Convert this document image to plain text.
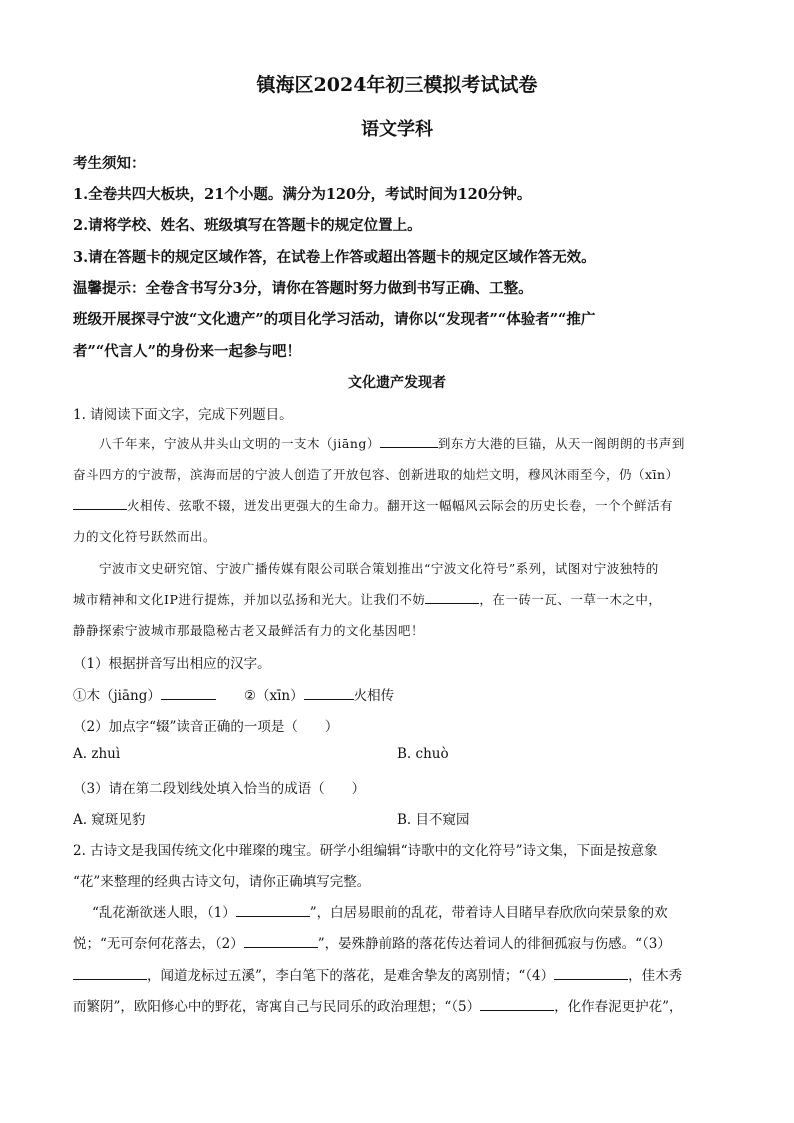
镇海区2024年初三模拟考试试卷
语文学科
考生须知：
1.全卷共四大板块，21个小题。满分为120分，考试时间为120分钟。
2.请将学校、姓名、班级填写在答题卡的规定位置上。
3.请在答题卡的规定区域作答，在试卷上作答或超出答题卡的规定区域作答无效。
温馨提示：全卷含书写分3分，请你在答题时努力做到书写正确、工整。
班级开展探寻宁波“文化遗产”的项目化学习活动，请你以“发现者”“体验者”“推广
者”“代言人”的身份来一起参与吧！
文化遗产发现者
1. 请阅读下面文字，完成下列题目。
八千年来，宁波从井头山文明的一支木（jiāng）	到东方大港的巨锚，从天一阁朗朗的书声到
奋斗四方的宁波帮，滨海而居的宁波人创造了开放包容、创新进取的灿烂文明，穆风沐雨至今，仍（xīn）
火相传、弦歌不辍，迸发出更强大的生命力。翻开这一幅幅风云际会的历史长卷，一个个鲜活有
力的文化符号跃然而出。
宁波市文史研究馆、宁波广播传媒有限公司联合策划推出“宁波文化符号”系列，试图对宁波独特的
城市精神和文化IP进行提炼，并加以弘扬和光大。让我们不妨	，在一砖一瓦、一草一木之中，
静静探索宁波城市那最隐秘古老又最鲜活有力的文化基因吧！
（1）根据拼音写出相应的汉字。
①木（jiāng）	②（xīn）	火相传
（2）加点字“辍”读音正确的一项是（　　）
A. zhuì	B. chuò
（3）请在第二段划线处填入恰当的成语（　　）
A. 窥斑见豹	B. 目不窥园
2. 古诗文是我国传统文化中璀璨的瑰宝。研学小组编辑“诗歌中的文化符号”诗文集，下面是按意象
“花”来整理的经典古诗文句，请你正确填写完整。
“乱花渐欲迷人眼，（1）	”，白居易眼前的乱花，带着诗人目睹早春欣欣向荣景象的欢
悦；“无可奈何花落去，（2）	”，晏殊静前路的落花传达着词人的徘徊孤寂与伤感。“（3）
，闻道龙标过五溪”，李白笔下的落花，是难舍挚友的离别情；“（4）	，佳木秀
而繁阴”，欧阳修心中的野花，寄寓自己与民同乐的政治理想；“（5）	，化作春泥更护花”，
